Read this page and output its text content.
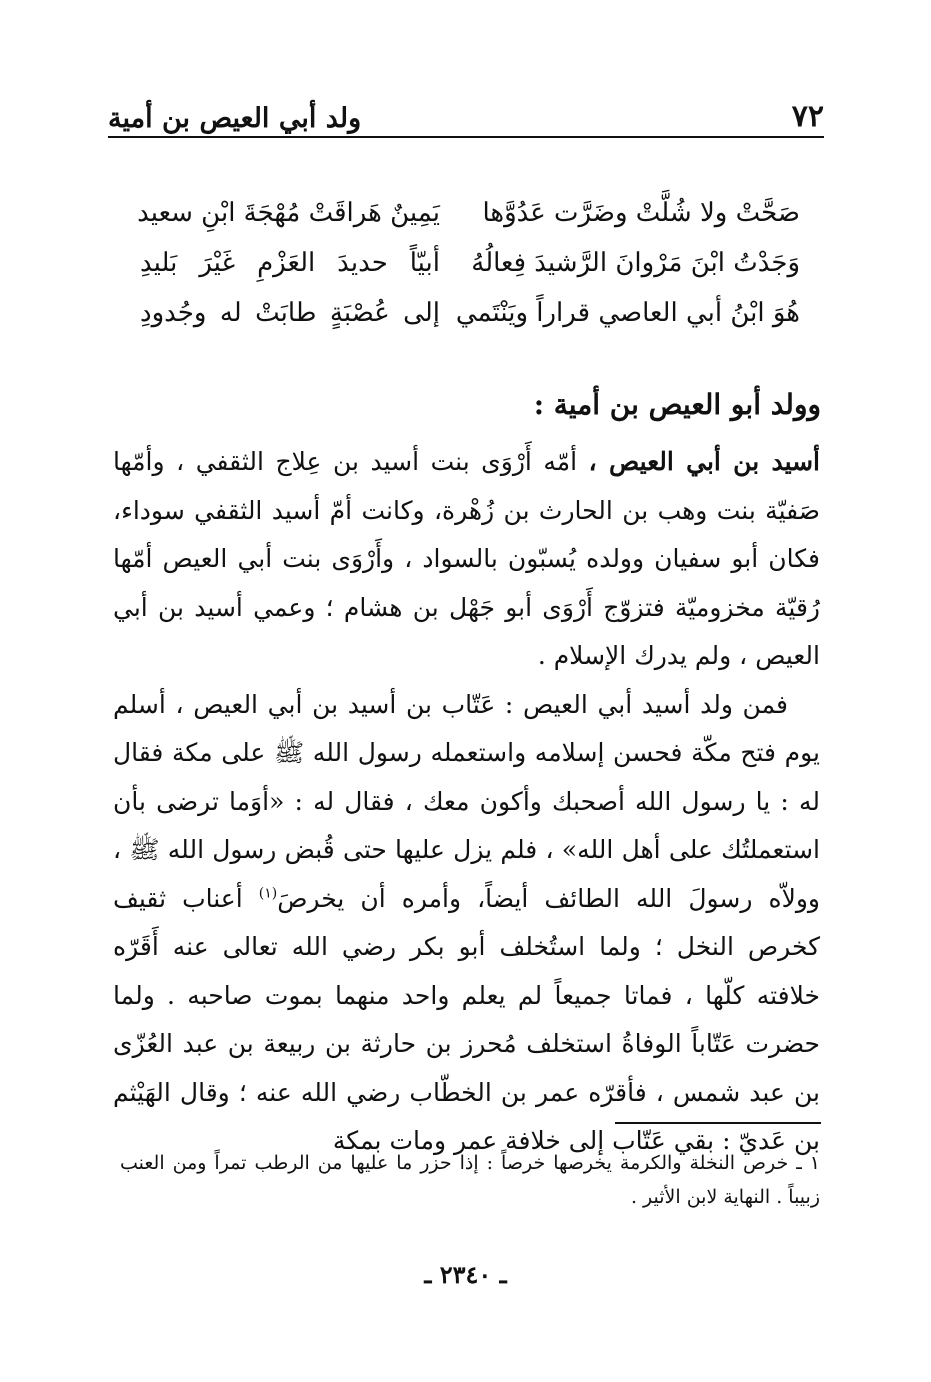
٧٢
ولد أبي العيص بن أمية
صَحَّتْ ولا شُلَّتْ وضَرَّت عَدُوَّها
يَمِينٌ هَراقَتْ مُهْجَةَ ابْنِ سعيد
وَجَدْتُ ابْنَ مَرْوانَ الرَّشيدَ فِعالُهُ
أبيّاً حديدَ العَزْمِ غَيْرَ بَليدِ
هُوَ ابْنُ أبي العاصي قراراً ويَنْتَمي
إلى عُصْبَةٍ طابَتْ له وجُدودِ
وولد أبو العيص بن أمية :

أسيد بن أبي العيص ، أمّه أَرْوَى بنت أسيد بن عِلاج الثقفي ، وأمّها صَفيّة بنت وهب بن الحارث بن زُهْرة، وكانت أمّ أسيد الثقفي سوداء، فكان أبو سفيان وولده يُسبّون بالسواد ، وأَرْوَى بنت أبي العيص أمّها رُقيّة مخزوميّة فتزوّج أَرْوَى أبو جَهْل بن هشام ؛ وعمي أسيد بن أبي العيص ، ولم يدرك الإسلام .

فمن ولد أسيد أبي العيص : عَتّاب بن أسيد بن أبي العيص ، أسلم يوم فتح مكّة فحسن إسلامه واستعمله رسول الله ﷺ على مكة فقال له : يا رسول الله أصحبك وأكون معك ، فقال له : «أوَما ترضى بأن استعملتُك على أهل الله» ، فلم يزل عليها حتى قُبض رسول الله ﷺ ، وولاّه رسولَ الله الطائف أيضاً، وأمره أن يخرصَ$^{(١)}$ أعناب ثقيف كخرص النخل ؛ ولما استُخلف أبو بكر رضي الله تعالى عنه أَقَرّه خلافته كلّها ، فماتا جميعاً لم يعلم واحد منهما بموت صاحبه . ولما حضرت عَتّاباً الوفاةُ استخلف مُحرز بن حارثة بن ربيعة بن عبد العُزّى بن عبد شمس ، فأقرّه عمر بن الخطّاب رضي الله عنه ؛ وقال الهَيْثم بن عَديّ : بقي عَتّاب إلى خلافة عمر ومات بمكة

١ ـ خرص النخلة والكرمة يخرصها خرصاً : إذا حزر ما عليها من الرطب تمراً ومن العنب زبيباً . النهاية لابن الأثير .

ـ ٢٣٤٠ ـ
